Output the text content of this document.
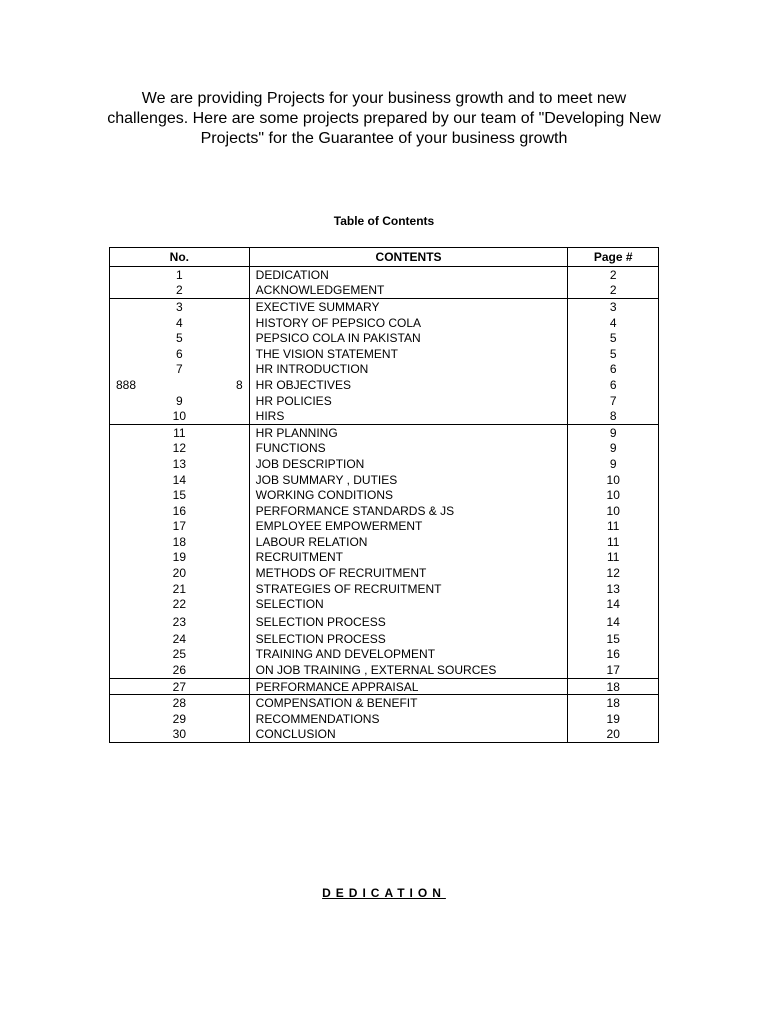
We are providing Projects for your business growth and to meet new
challenges. Here are some projects prepared by our team of "Developing New
Projects" for the Guarantee of your business growth
Table of Contents
No.	CONTENTS	Page #
1	DEDICATION	2
2	ACKNOWLEDGEMENT	2
3	EXECTIVE SUMMARY	3
4	HISTORY OF PEPSICO COLA	4
5	PEPSICO COLA IN PAKISTAN	5
6	THE VISION STATEMENT	5
7	HR INTRODUCTION	6

888 8	HR OBJECTIVES	6
9	HR POLICIES	7
10	HIRS	8
11	HR PLANNING	9
12	FUNCTIONS	9
13	JOB DESCRIPTION	9
14	JOB SUMMARY , DUTIES	10
15	WORKING CONDITIONS	10
16	PERFORMANCE STANDARDS & JS	10
17	EMPLOYEE EMPOWERMENT	11
18	LABOUR RELATION	11
19	RECRUITMENT	11
20	METHODS OF RECRUITMENT	12
21	STRATEGIES OF RECRUITMENT	13
22	SELECTION	14
23	SELECTION PROCESS	14
24	SELECTION PROCESS	15
25	TRAINING AND DEVELOPMENT	16
26	ON JOB TRAINING , EXTERNAL SOURCES	17
27	PERFORMANCE APPRAISAL	18
28	COMPENSATION & BENEFIT	18
29	RECOMMENDATIONS	19
30	CONCLUSION	20
DEDICATION
